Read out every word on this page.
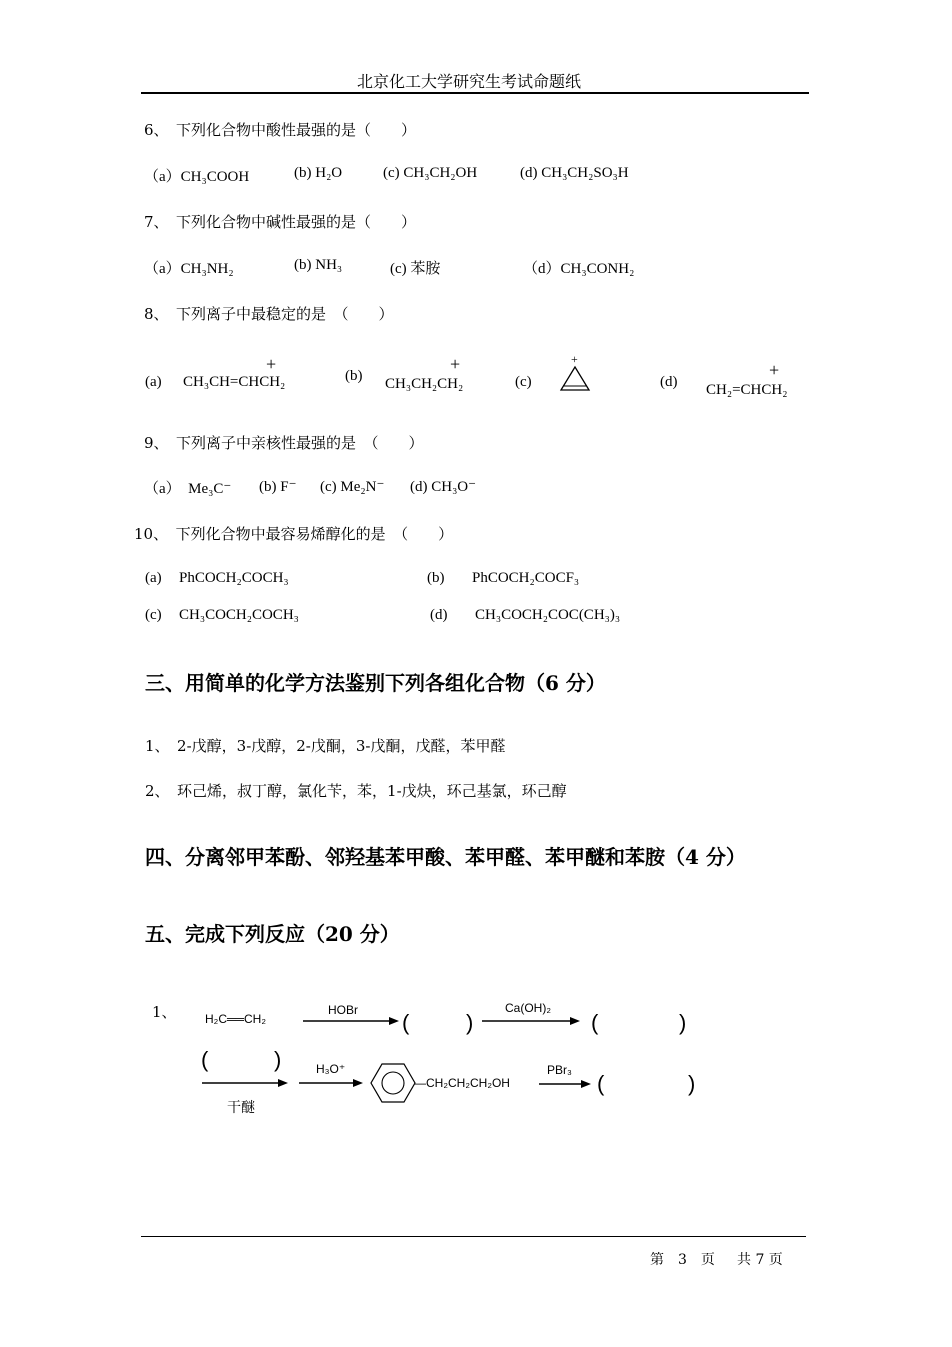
北京化工大学研究生考试命题纸
6、　下列化合物中酸性最强的是（　　）
（a）CH₃COOH	(b) H₂O	(c) CH₃CH₂OH	(d) CH₃CH₂SO₃H
7、　下列化合物中碱性最强的是（　　）
（a）CH₃NH₂	(b) NH₃	(c) 苯胺	（d）CH₃CONH₂
8、　下列离子中最稳定的是　（　　）
(a) CH₃CH=CHCH₂
+
(b) CH₃CH₂CH₂
+
(c)
+
(d) CH₂=CHCH₂
+
9、　下列离子中亲核性最强的是　（　　）
（a）　Me₃C⁻ (b) F⁻ (c) Me₂N⁻ (d) CH₃O⁻
10、　下列化合物中最容易烯醇化的是　（　　）
(a) PhCOCH₂COCH₃	(b) PhCOCH₂COCF₃
(c) CH₃COCH₂COCH₃	(d) CH₃COCH₂COC(CH₃)₃
三、用简单的化学方法鉴别下列各组化合物（6 分）
1、　2-戊醇，3-戊醇，2-戊酮，3-戊酮，戊醛，苯甲醛
2、　环己烯，叔丁醇，氯化苄，苯，1-戊炔，环己基氯，环己醇
四、分离邻甲苯酚、邻羟基苯甲酸、苯甲醛、苯甲醚和苯胺（4 分）
五、完成下列反应（20 分）
1、 H₂C══CH₂
HOBr (	)
Ca(OH)₂
(	)
(	)
干醚
H₃O⁺
—CH₂CH₂CH₂OH
PBr₃
(	)
第　3　页 共 7 页
